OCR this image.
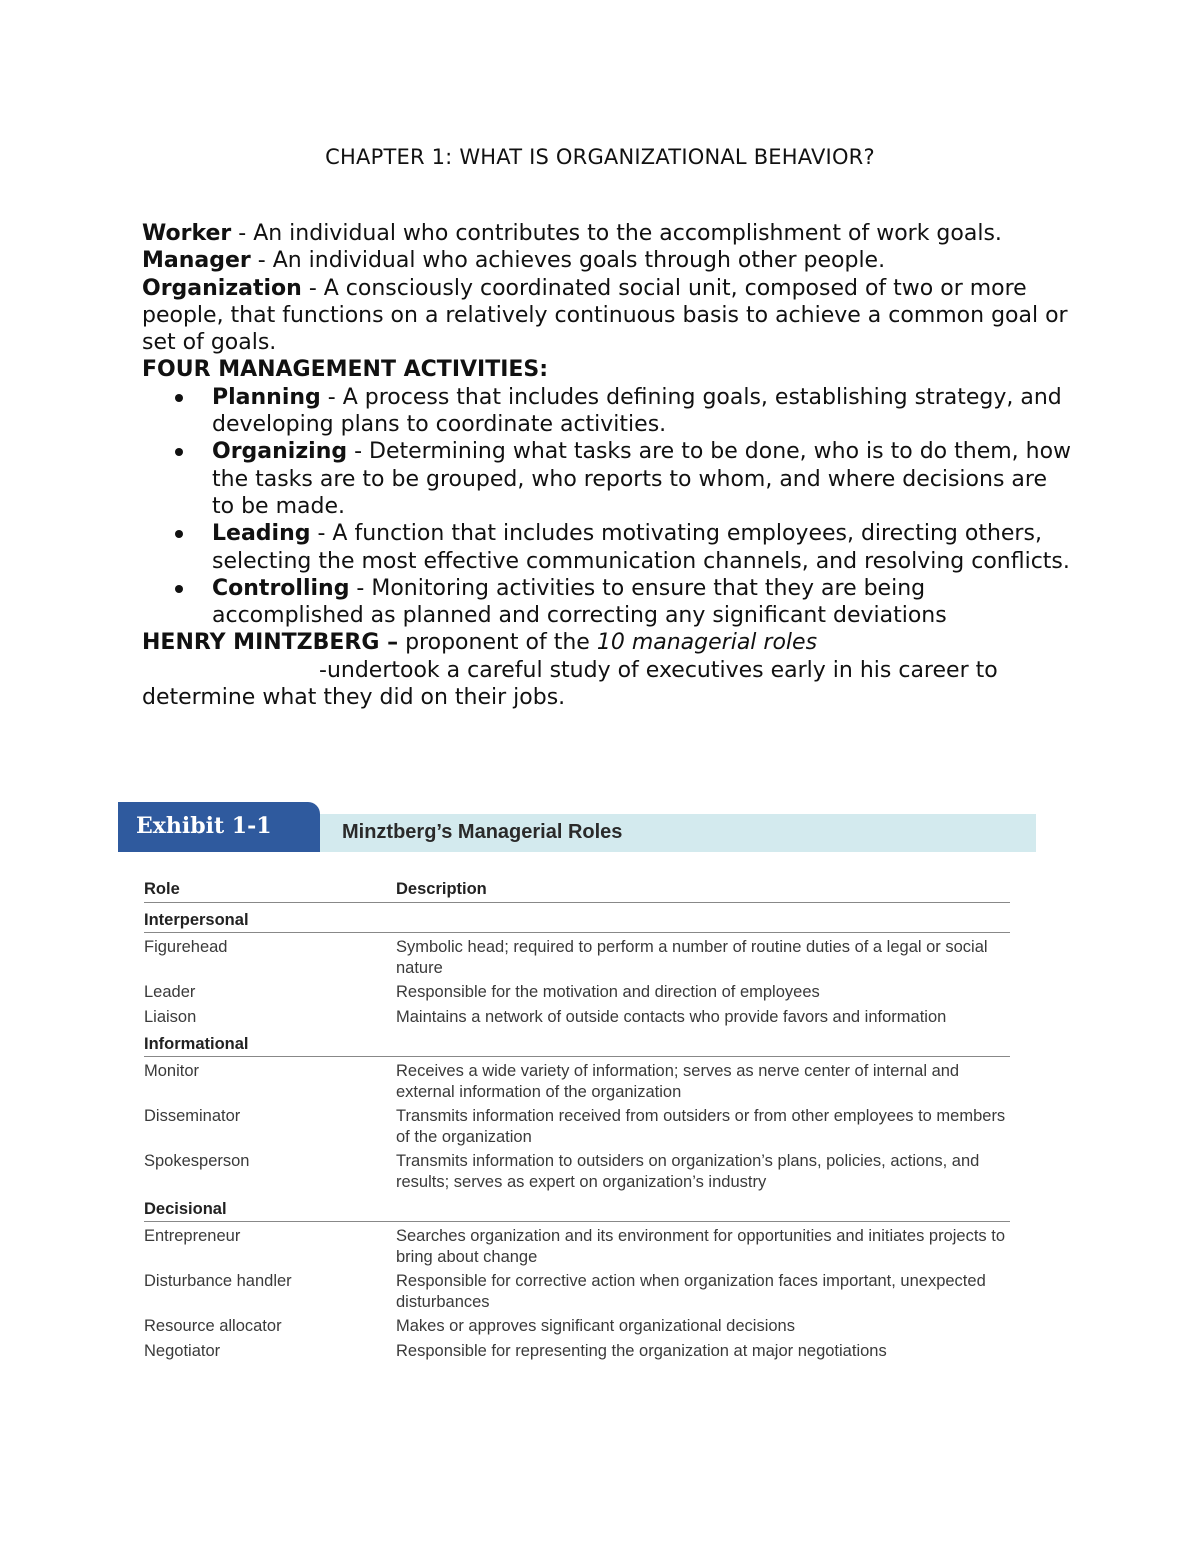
CHAPTER 1: WHAT IS ORGANIZATIONAL BEHAVIOR?

Worker - An individual who contributes to the accomplishment of work goals.

Manager - An individual who achieves goals through other people.

Organization - A consciously coordinated social unit, composed of two or more people, that functions on a relatively continuous basis to achieve a common goal or set of goals.

FOUR MANAGEMENT ACTIVITIES:

Planning - A process that includes defining goals, establishing strategy, and developing plans to coordinate activities.
Organizing - Determining what tasks are to be done, who is to do them, how the tasks are to be grouped, who reports to whom, and where decisions are to be made.
Leading - A function that includes motivating employees, directing others, selecting the most effective communication channels, and resolving conflicts.
Controlling - Monitoring activities to ensure that they are being accomplished as planned and correcting any significant deviations

HENRY MINTZBERG – proponent of the 10 managerial roles

-undertook a careful study of executives early in his career to

determine what they did on their jobs.

Exhibit 1-1	Minztberg’s Managerial Roles
Role	Description
Interpersonal
Figurehead	Symbolic head; required to perform a number of routine duties of a legal or social nature
Leader	Responsible for the motivation and direction of employees
Liaison	Maintains a network of outside contacts who provide favors and information
Informational
Monitor	Receives a wide variety of information; serves as nerve center of internal and external information of the organization
Disseminator	Transmits information received from outsiders or from other employees to members of the organization
Spokesperson	Transmits information to outsiders on organization’s plans, policies, actions, and results; serves as expert on organization’s industry
Decisional
Entrepreneur	Searches organization and its environment for opportunities and initiates projects to bring about change
Disturbance handler	Responsible for corrective action when organization faces important, unexpected disturbances
Resource allocator	Makes or approves significant organizational decisions
Negotiator	Responsible for representing the organization at major negotiations
